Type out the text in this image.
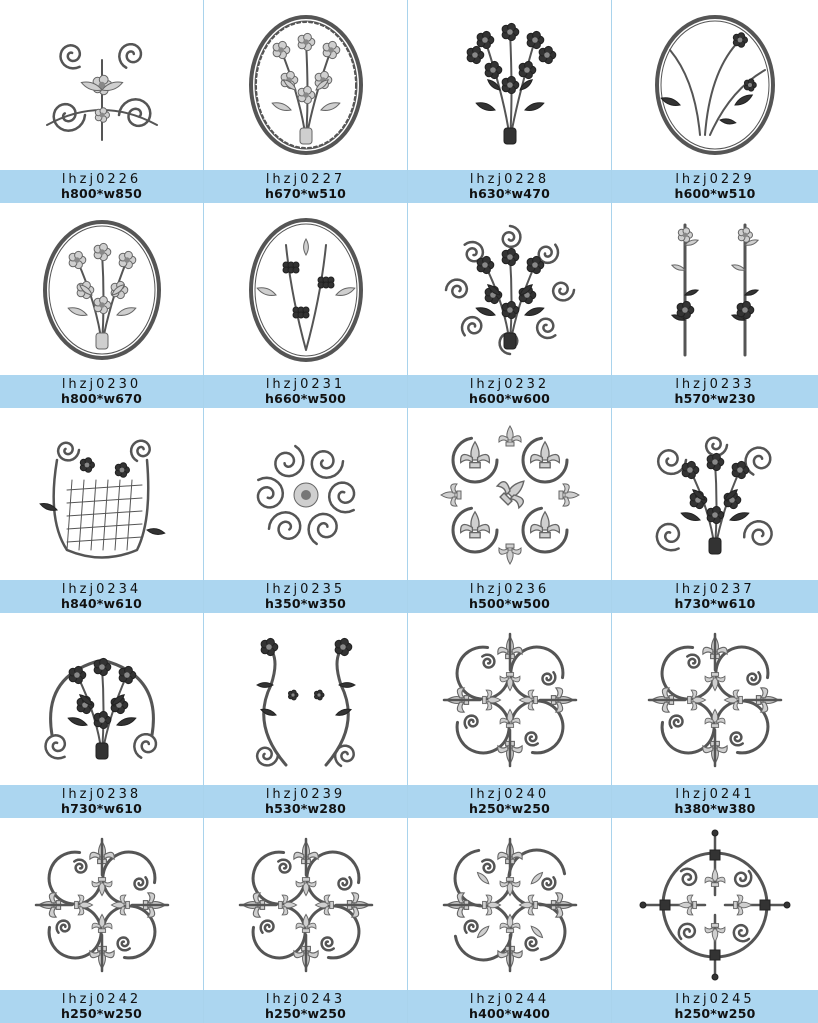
lhzj0226
h800*w850
lhzj0227
h670*w510
lhzj0228
h630*w470
lhzj0229
h600*w510
lhzj0230
h800*w670
lhzj0231
h660*w500
lhzj0232
h600*w600
lhzj0233
h570*w230
lhzj0234
h840*w610
lhzj0235
h350*w350
lhzj0236
h500*w500
lhzj0237
h730*w610
lhzj0238
h730*w610
lhzj0239
h530*w280
lhzj0240
h250*w250
lhzj0241
h380*w380
lhzj0242
h250*w250
lhzj0243
h250*w250
lhzj0244
h400*w400
lhzj0245
h250*w250
